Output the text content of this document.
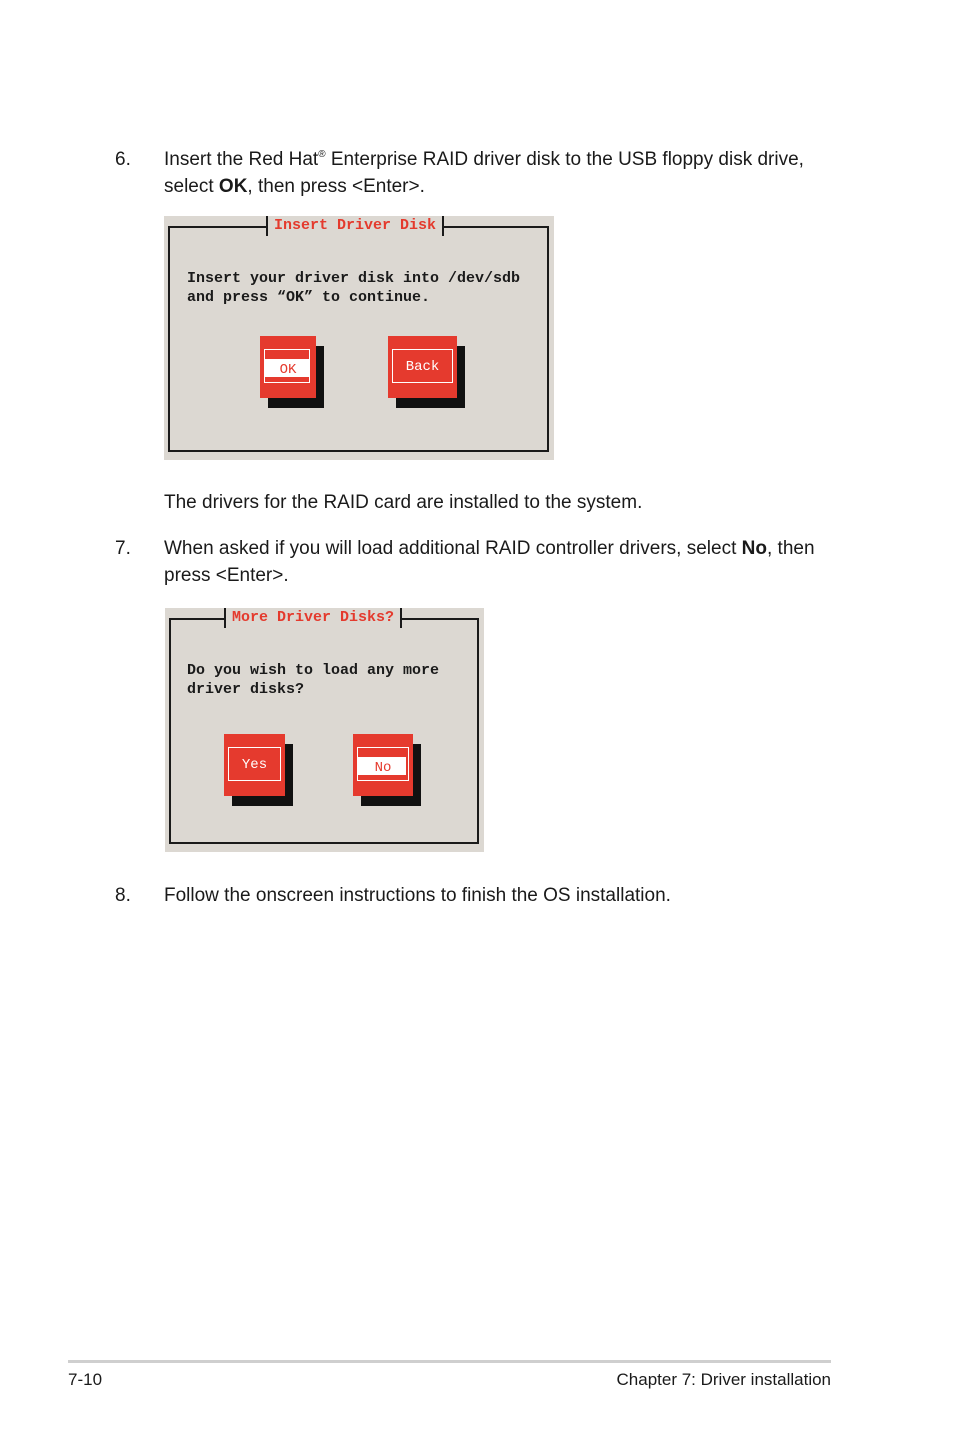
6. Insert the Red Hat® Enterprise RAID driver disk to the USB floppy disk drive,
select OK, then press <Enter>.
Insert Driver Disk
Insert your driver disk into /dev/sdb
and press “OK” to continue.
OK	Back
The drivers for the RAID card are installed to the system.
7. When asked if you will load additional RAID controller drivers, select No, then
press <Enter>.
More Driver Disks?
Do you wish to load any more
driver disks?
Yes	No
8. Follow the onscreen instructions to finish the OS installation.
7-10	Chapter 7: Driver installation
